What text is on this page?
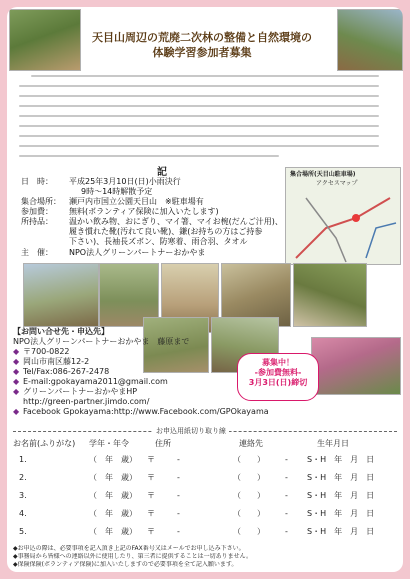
天目山周辺の荒廃二次林の整備と自然環境の
体験学習参加者募集
記
日　時： 平成25年3月10日(日)小雨決行
9時〜14時解散予定
集合場所： 瀬戸内市国立公園天目山　※駐車場有
参加費： 無料(ボランティア保険に加入いたします)
所持品： 温かい飲み物、おにぎり、マイ箸、マイお椀(だんご汁用)、
履き慣れた靴(汚れて良い靴)、鎌(お持ちの方はご持参
下さい)、長袖長ズボン、防寒着、雨合羽、タオル
主　催： NPO法人グリーンパートナーおかやま
集合場所(天目山駐車場)
アクセスマップ
【お問い合せ先・申込先】
NPO法人グリーンパートナーおかやま　藤原まで
◆ 〒700-0822
◆ 岡山市南区藤12-2
◆ Tel/Fax:086-267-2478
◆ E-mail:gpokayama2011@gmail.com
◆ グリーンパートナーおかやまHP
http://green-partner.jimdo.com/
◆ Facebook Gpokayama:http://www.Facebook.com/GPOkayama
募集中！
-参加費無料-
3月3日(日)締切
お申込用紙切り取り線
お名前(ふりがな) 学年・年令	住所	連絡先	生年月日
1.	（　年　歳） 〒	-	（　　）　　　- S・H　年　月　日
2.	（　年　歳） 〒	-	（　　）　　　- S・H　年　月　日
3.	（　年　歳） 〒	-	（　　）　　　- S・H　年　月　日
4.	（　年　歳） 〒	-	（　　）　　　- S・H　年　月　日
5.	（　年　歳） 〒	-	（　　）　　　- S・H　年　月　日
◆お申込の際は、必要事項を記入頂き上記のFAX番号又はメールでお申し込み下さい。
◆事務局から皆様への連絡以外に使用したり、第三者に提供することは一切ありません。
◆保険保険(ボランティア保険)に加入いたしますので必要事項を全て記入願います。
